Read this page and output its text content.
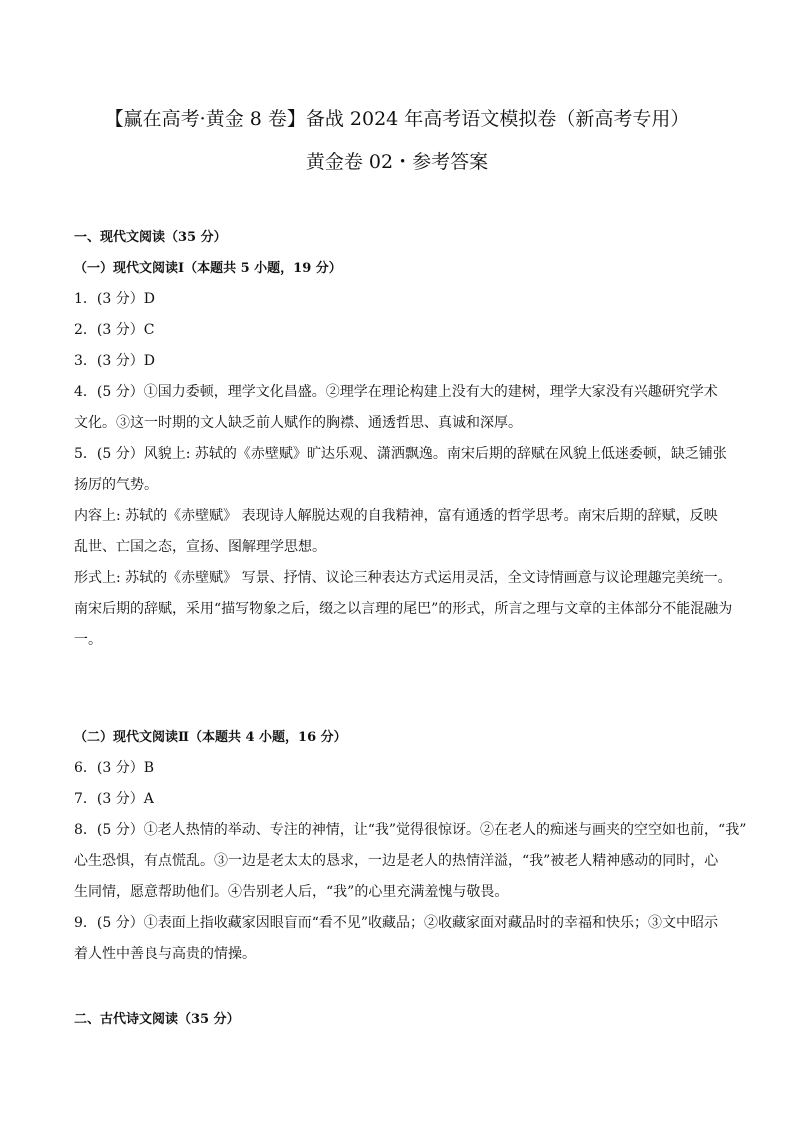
【赢在高考·黄金 8 卷】备战 2024 年高考语文模拟卷（新高考专用）
黄金卷 02・参考答案
一、现代文阅读（35 分）
（一）现代文阅读Ⅰ（本题共 5 小题，19 分）
1．(3 分）D
2．(3 分）C
3．(3 分）D
4．(5 分）①国力委顿，理学文化昌盛。②理学在理论构建上没有大的建树，理学大家没有兴趣研究学术
文化。③这一时期的文人缺乏前人赋作的胸襟、通透哲思、真诚和深厚。
5．(5 分）风貌上: 苏轼的《赤壁赋》旷达乐观、潇洒飘逸。南宋后期的辞赋在风貌上低迷委顿，缺乏铺张
扬厉的气势。
内容上: 苏轼的《赤壁赋》 表现诗人解脱达观的自我精神，富有通透的哲学思考。南宋后期的辞赋，反映
乱世、亡国之态，宣扬、图解理学思想。
形式上: 苏轼的《赤壁赋》 写景、抒情、议论三种表达方式运用灵活，全文诗情画意与议论理趣完美统一。
南宋后期的辞赋，采用“描写物象之后，缀之以言理的尾巴”的形式，所言之理与文章的主体部分不能混融为
一。
（二）现代文阅读Ⅱ（本题共 4 小题，16 分）
6．(3 分）B
7．(3 分）A
8．(5 分）①老人热情的举动、专注的神情，让“我”觉得很惊讶。②在老人的痴迷与画夹的空空如也前，“我”
心生恐惧，有点慌乱。③一边是老太太的恳求，一边是老人的热情洋溢，“我”被老人精神感动的同时，心
生同情，愿意帮助他们。④告别老人后，“我”的心里充满羞愧与敬畏。
9．(5 分）①表面上指收藏家因眼盲而“看不见”收藏品；②收藏家面对藏品时的幸福和快乐；③文中昭示
着人性中善良与高贵的情操。
二、古代诗文阅读（35 分）
